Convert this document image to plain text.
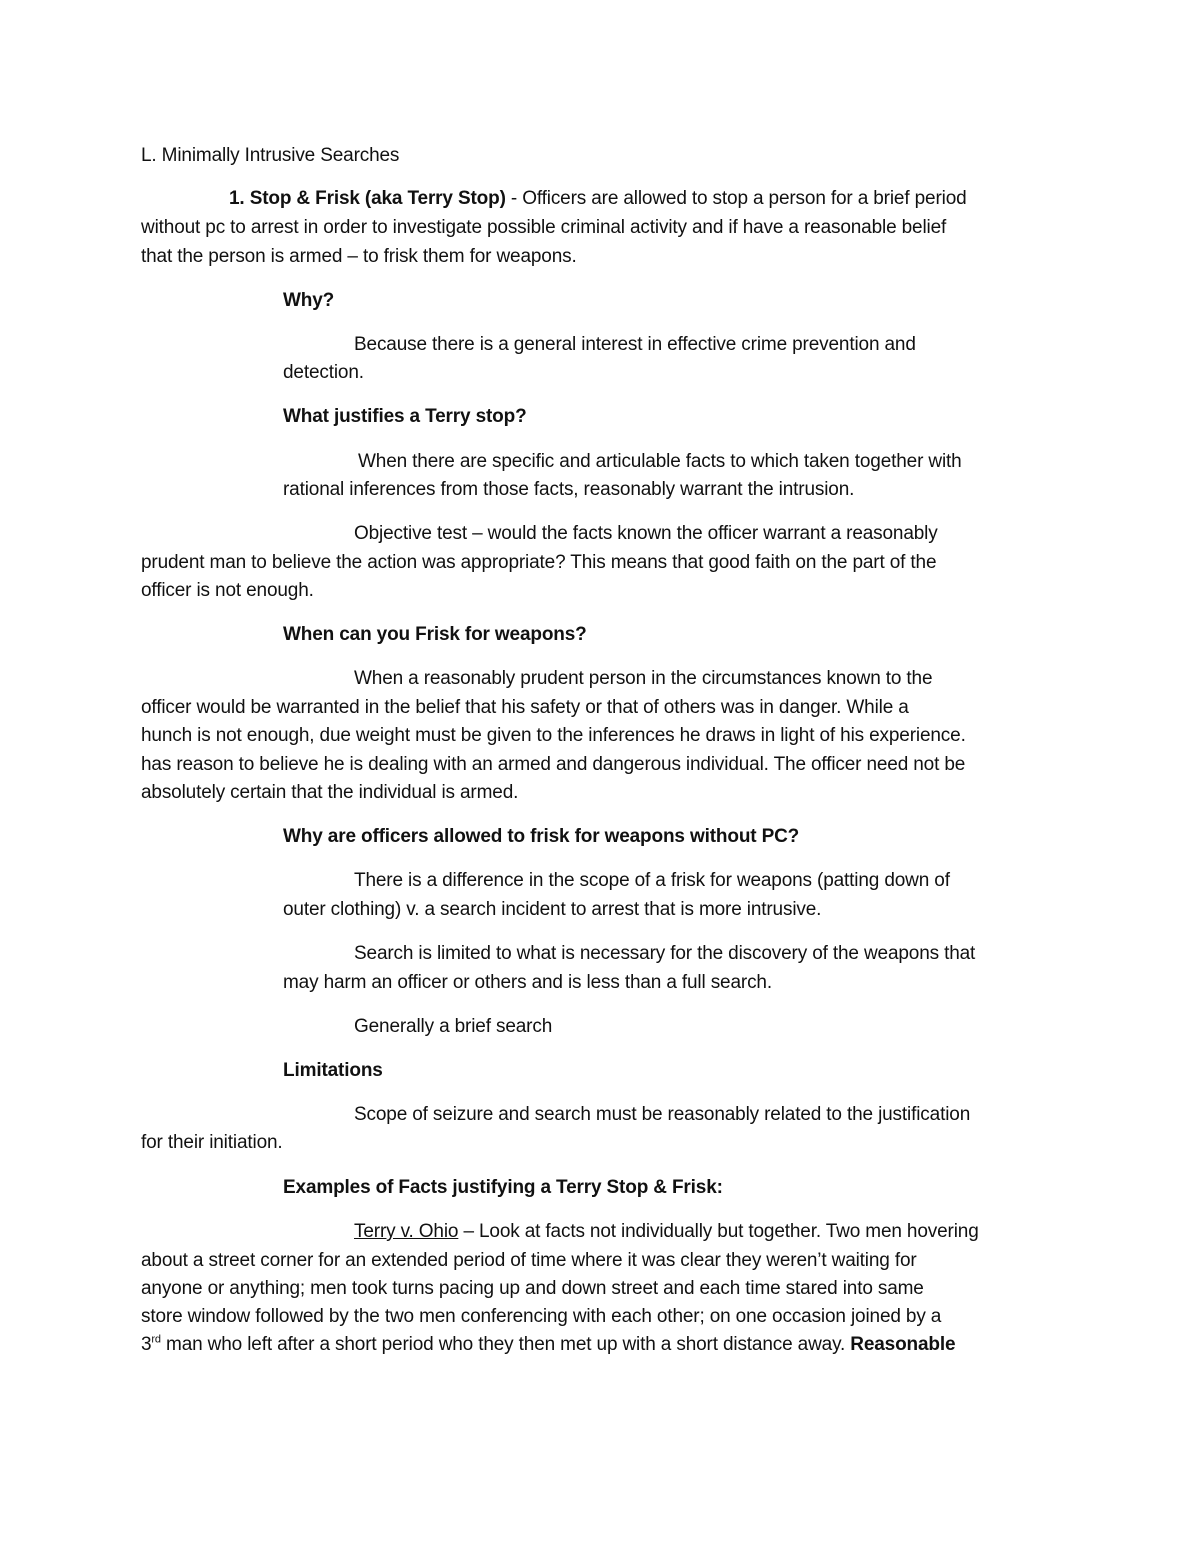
L. Minimally Intrusive Searches
1. Stop & Frisk (aka Terry Stop) - Officers are allowed to stop a person for a brief period
without pc to arrest in order to investigate possible criminal activity and if have a reasonable belief
that the person is armed – to frisk them for weapons.
Why?
Because there is a general interest in effective crime prevention and
detection.
What justifies a Terry stop?
When there are specific and articulable facts to which taken together with
rational inferences from those facts, reasonably warrant the intrusion.
Objective test – would the facts known the officer warrant a reasonably
prudent man to believe the action was appropriate? This means that good faith on the part of the
officer is not enough.
When can you Frisk for weapons?
When a reasonably prudent person in the circumstances known to the
officer would be warranted in the belief that his safety or that of others was in danger. While a
hunch is not enough, due weight must be given to the inferences he draws in light of his experience.
has reason to believe he is dealing with an armed and dangerous individual. The officer need not be
absolutely certain that the individual is armed.
Why are officers allowed to frisk for weapons without PC?
There is a difference in the scope of a frisk for weapons (patting down of
outer clothing) v. a search incident to arrest that is more intrusive.
Search is limited to what is necessary for the discovery of the weapons that
may harm an officer or others and is less than a full search.
Generally a brief search
Limitations
Scope of seizure and search must be reasonably related to the justification
for their initiation.
Examples of Facts justifying a Terry Stop & Frisk:
Terry v. Ohio – Look at facts not individually but together. Two men hovering
about a street corner for an extended period of time where it was clear they weren’t waiting for
anyone or anything; men took turns pacing up and down street and each time stared into same
store window followed by the two men conferencing with each other; on one occasion joined by a
3rd man who left after a short period who they then met up with a short distance away. Reasonable
